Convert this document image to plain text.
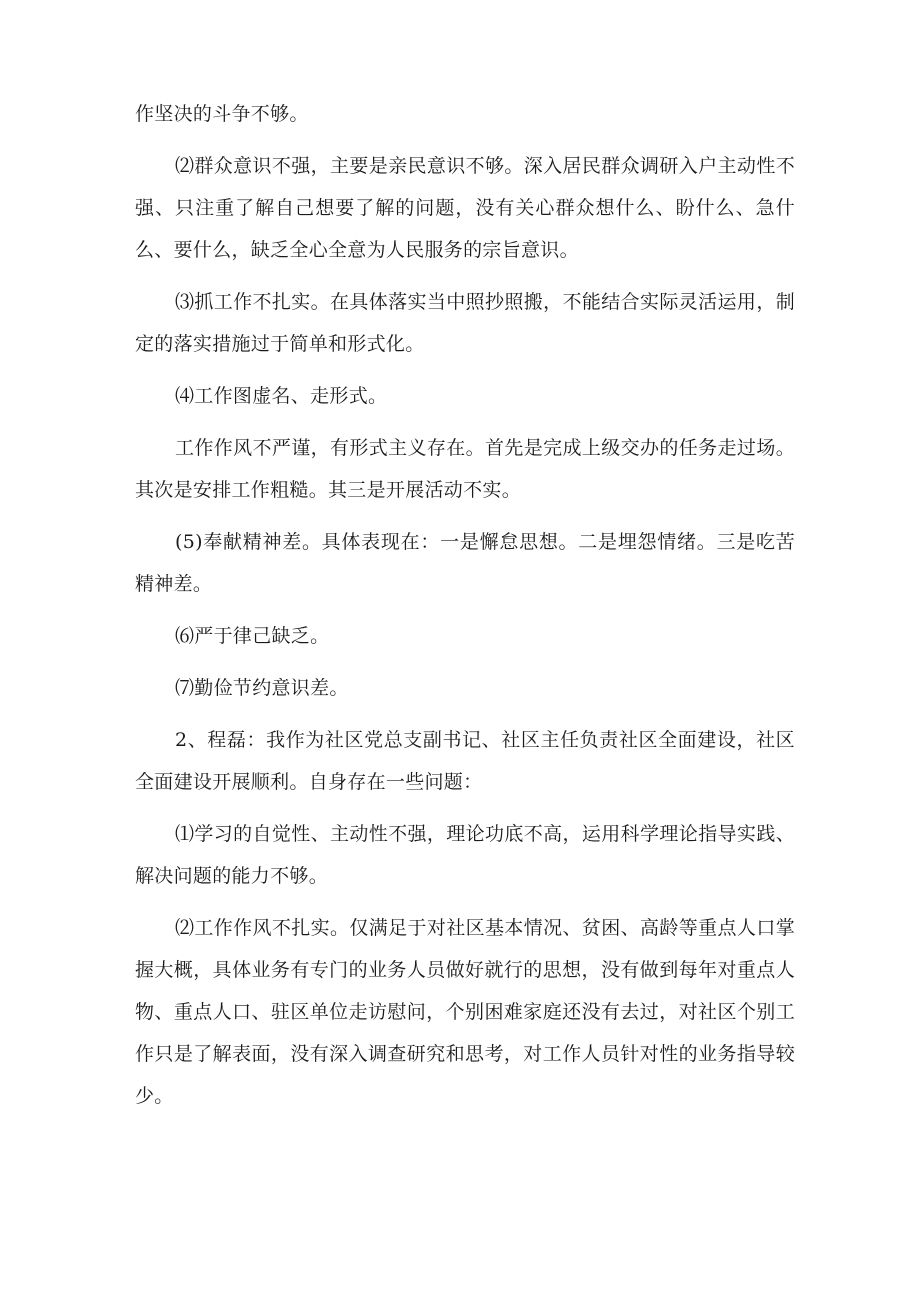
作坚决的斗争不够。

⑵群众意识不强，主要是亲民意识不够。深入居民群众调研入户主动性不强、只注重了解自己想要了解的问题，没有关心群众想什么、盼什么、急什么、要什么，缺乏全心全意为人民服务的宗旨意识。

⑶抓工作不扎实。在具体落实当中照抄照搬，不能结合实际灵活运用，制定的落实措施过于简单和形式化。

⑷工作图虚名、走形式。

工作作风不严谨，有形式主义存在。首先是完成上级交办的任务走过场。其次是安排工作粗糙。其三是开展活动不实。

(5)奉献精神差。具体表现在：一是懈怠思想。二是埋怨情绪。三是吃苦精神差。

⑹严于律己缺乏。

⑺勤俭节约意识差。

2、程磊：我作为社区党总支副书记、社区主任负责社区全面建设，社区全面建设开展顺利。自身存在一些问题：

⑴学习的自觉性、主动性不强，理论功底不高，运用科学理论指导实践、解决问题的能力不够。

⑵工作作风不扎实。仅满足于对社区基本情况、贫困、高龄等重点人口掌握大概，具体业务有专门的业务人员做好就行的思想，没有做到每年对重点人物、重点人口、驻区单位走访慰问，个别困难家庭还没有去过，对社区个别工作只是了解表面，没有深入调查研究和思考，对工作人员针对性的业务指导较少。
